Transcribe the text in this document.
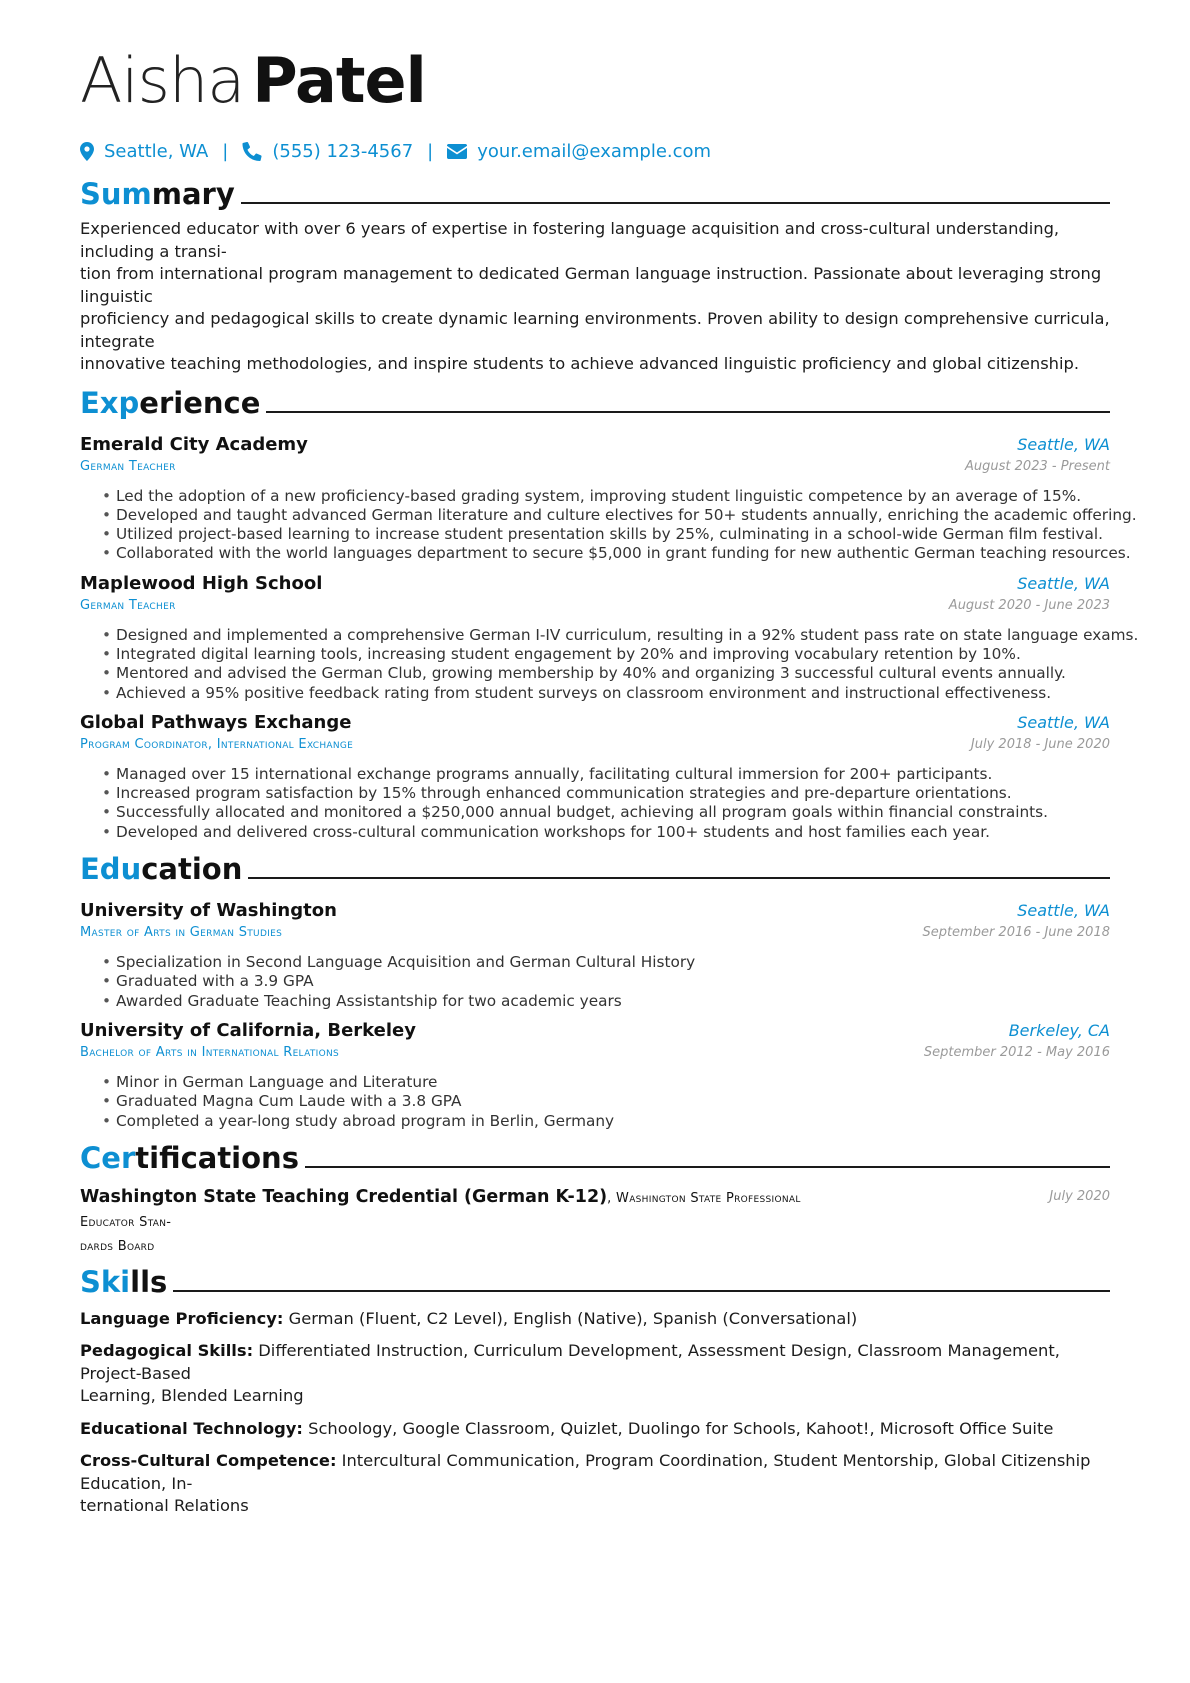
Aisha Patel
Seattle, WA | (555) 123-4567 | your.email@example.com
Summary

Experienced educator with over 6 years of expertise in fostering language acquisition and cross-cultural understanding, including a transi-
tion from international program management to dedicated German language instruction. Passionate about leveraging strong linguistic
proficiency and pedagogical skills to create dynamic learning environments. Proven ability to design comprehensive curricula, integrate
innovative teaching methodologies, and inspire students to achieve advanced linguistic proficiency and global citizenship.

Experience
Emerald City Academy	Seattle, WA
German Teacher	August 2023 - Present
• Led the adoption of a new proficiency-based grading system, improving student linguistic competence by an average of 15%.
• Developed and taught advanced German literature and culture electives for 50+ students annually, enriching the academic offering.
• Utilized project-based learning to increase student presentation skills by 25%, culminating in a school-wide German film festival.
• Collaborated with the world languages department to secure $5,000 in grant funding for new authentic German teaching resources.
Maplewood High School	Seattle, WA
German Teacher	August 2020 - June 2023
• Designed and implemented a comprehensive German I-IV curriculum, resulting in a 92% student pass rate on state language exams.
• Integrated digital learning tools, increasing student engagement by 20% and improving vocabulary retention by 10%.
• Mentored and advised the German Club, growing membership by 40% and organizing 3 successful cultural events annually.
• Achieved a 95% positive feedback rating from student surveys on classroom environment and instructional effectiveness.
Global Pathways Exchange	Seattle, WA
Program Coordinator, International Exchange	July 2018 - June 2020
• Managed over 15 international exchange programs annually, facilitating cultural immersion for 200+ participants.
• Increased program satisfaction by 15% through enhanced communication strategies and pre-departure orientations.
• Successfully allocated and monitored a $250,000 annual budget, achieving all program goals within financial constraints.
• Developed and delivered cross-cultural communication workshops for 100+ students and host families each year.
Education
University of Washington	Seattle, WA
Master of Arts in German Studies	September 2016 - June 2018
• Specialization in Second Language Acquisition and German Cultural History
• Graduated with a 3.9 GPA
• Awarded Graduate Teaching Assistantship for two academic years
University of California, Berkeley	Berkeley, CA
Bachelor of Arts in International Relations	September 2012 - May 2016
• Minor in German Language and Literature
• Graduated Magna Cum Laude with a 3.8 GPA
• Completed a year-long study abroad program in Berlin, Germany
Certifications
Washington State Teaching Credential (German K-12), Washington State Professional Educator Stan-
dards Board
July 2020
Skills
Language Proficiency: German (Fluent, C2 Level), English (Native), Spanish (Conversational)
Pedagogical Skills: Differentiated Instruction, Curriculum Development, Assessment Design, Classroom Management, Project-Based
Learning, Blended Learning
Educational Technology: Schoology, Google Classroom, Quizlet, Duolingo for Schools, Kahoot!, Microsoft Office Suite
Cross-Cultural Competence: Intercultural Communication, Program Coordination, Student Mentorship, Global Citizenship Education, In-
ternational Relations
